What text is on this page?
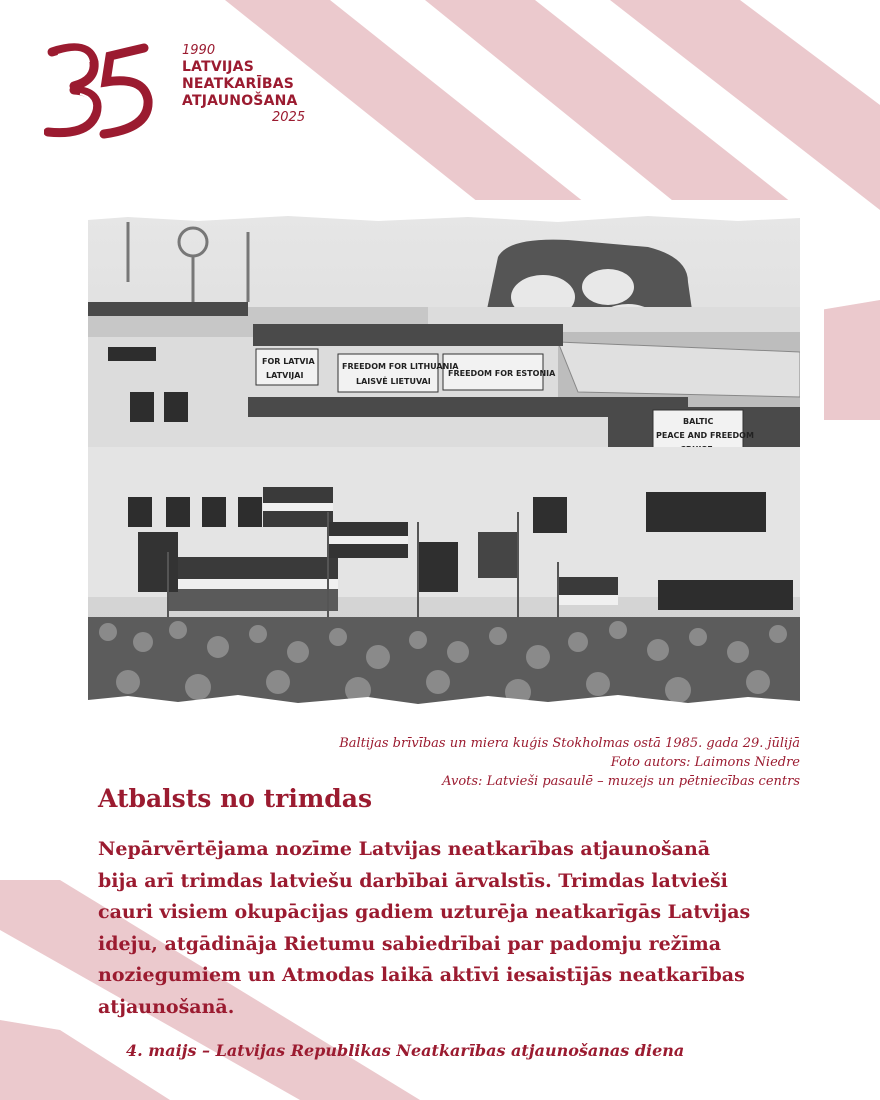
1990
LATVIJAS
NEATKARĪBAS
ATJAUNOŠANA
2025
FOR LATVIA
LATVIJAI
FREEDOM FOR LITHUANIA
LAISVĖ LIETUVAI
FREEDOM FOR ESTONIA
BALTIC
PEACE AND FREEDOM
Baltijas brīvības un miera kuģis Stokholmas ostā 1985. gada 29. jūlijā
Foto autors: Laimons Niedre
Avots: Latvieši pasaulē – muzejs un pētniecības centrs
Atbalsts no trimdas
Nepārvērtējama nozīme Latvijas neatkarības atjaunošanā
bija arī trimdas latviešu darbībai ārvalstīs. Trimdas latvieši
cauri visiem okupācijas gadiem uzturēja neatkarīgās Latvijas
ideju, atgādināja Rietumu sabiedrībai par padomju režīma
noziegumiem un Atmodas laikā aktīvi iesaistījās neatkarības
atjaunošanā.

4. maijs – Latvijas Republikas Neatkarības atjaunošanas diena
